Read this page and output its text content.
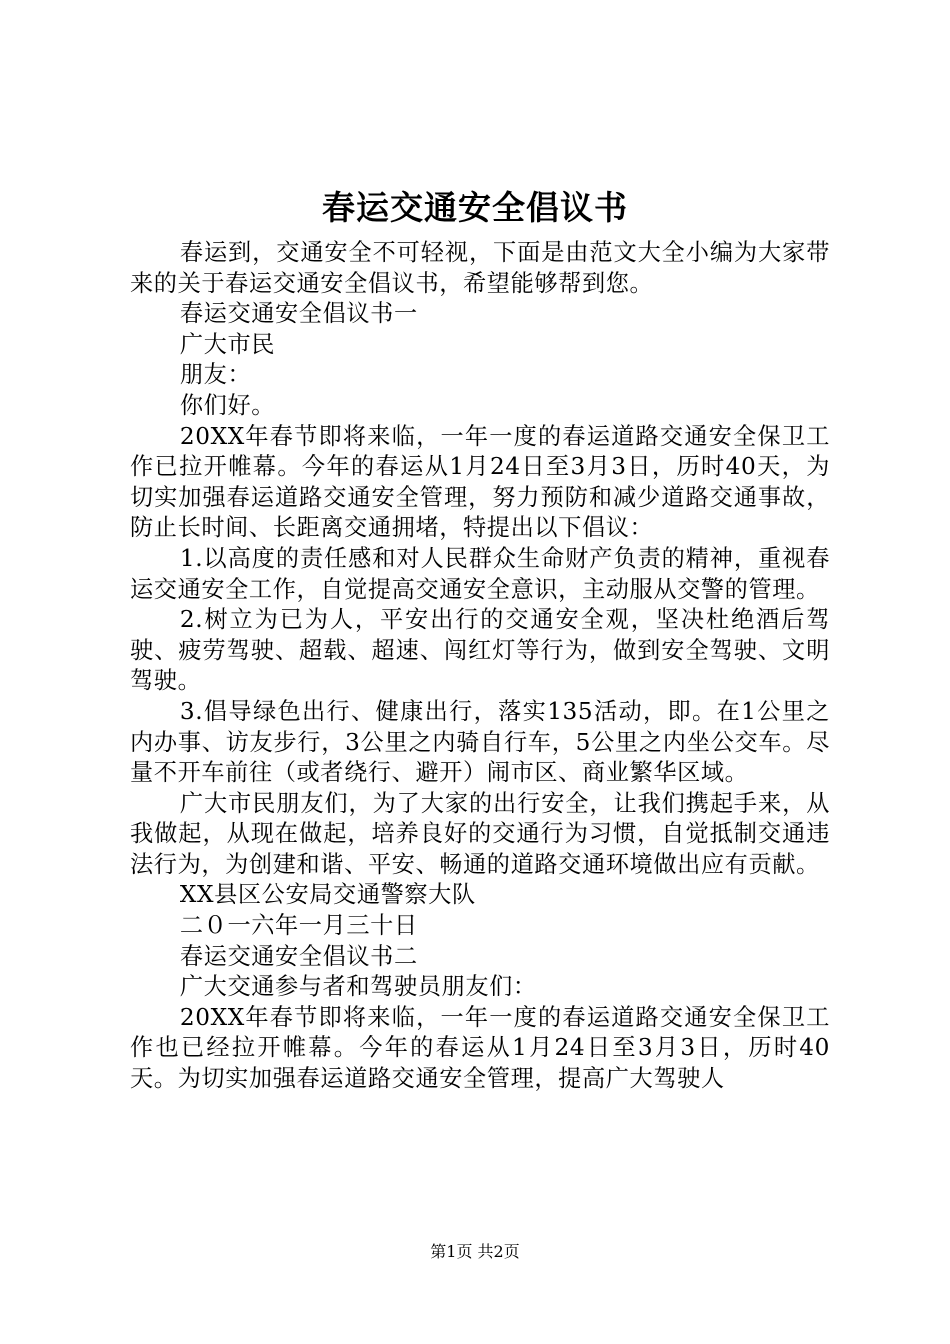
春运交通安全倡议书

春运到，交通安全不可轻视，下面是由范文大全小编为大家带来的关于春运交通安全倡议书，希望能够帮到您。

春运交通安全倡议书一

广大市民

朋友：

你们好。

20XX年春节即将来临，一年一度的春运道路交通安全保卫工作已拉开帷幕。今年的春运从1月24日至3月3日，历时40天，为切实加强春运道路交通安全管理，努力预防和减少道路交通事故，防止长时间、长距离交通拥堵，特提出以下倡议：

1.以高度的责任感和对人民群众生命财产负责的精神，重视春运交通安全工作，自觉提高交通安全意识，主动服从交警的管理。

2.树立为已为人，平安出行的交通安全观，坚决杜绝酒后驾驶、疲劳驾驶、超载、超速、闯红灯等行为，做到安全驾驶、文明驾驶。

3.倡导绿色出行、健康出行，落实135活动，即。在1公里之内办事、访友步行，3公里之内骑自行车，5公里之内坐公交车。尽量不开车前往（或者绕行、避开）闹市区、商业繁华区域。

广大市民朋友们，为了大家的出行安全，让我们携起手来，从我做起，从现在做起，培养良好的交通行为习惯，自觉抵制交通违法行为，为创建和谐、平安、畅通的道路交通环境做出应有贡献。

XX县区公安局交通警察大队

二０一六年一月三十日

春运交通安全倡议书二

广大交通参与者和驾驶员朋友们：

20XX年春节即将来临，一年一度的春运道路交通安全保卫工作也已经拉开帷幕。今年的春运从1月24日至3月3日，历时40天。为切实加强春运道路交通安全管理，提高广大驾驶人

第1页 共2页
